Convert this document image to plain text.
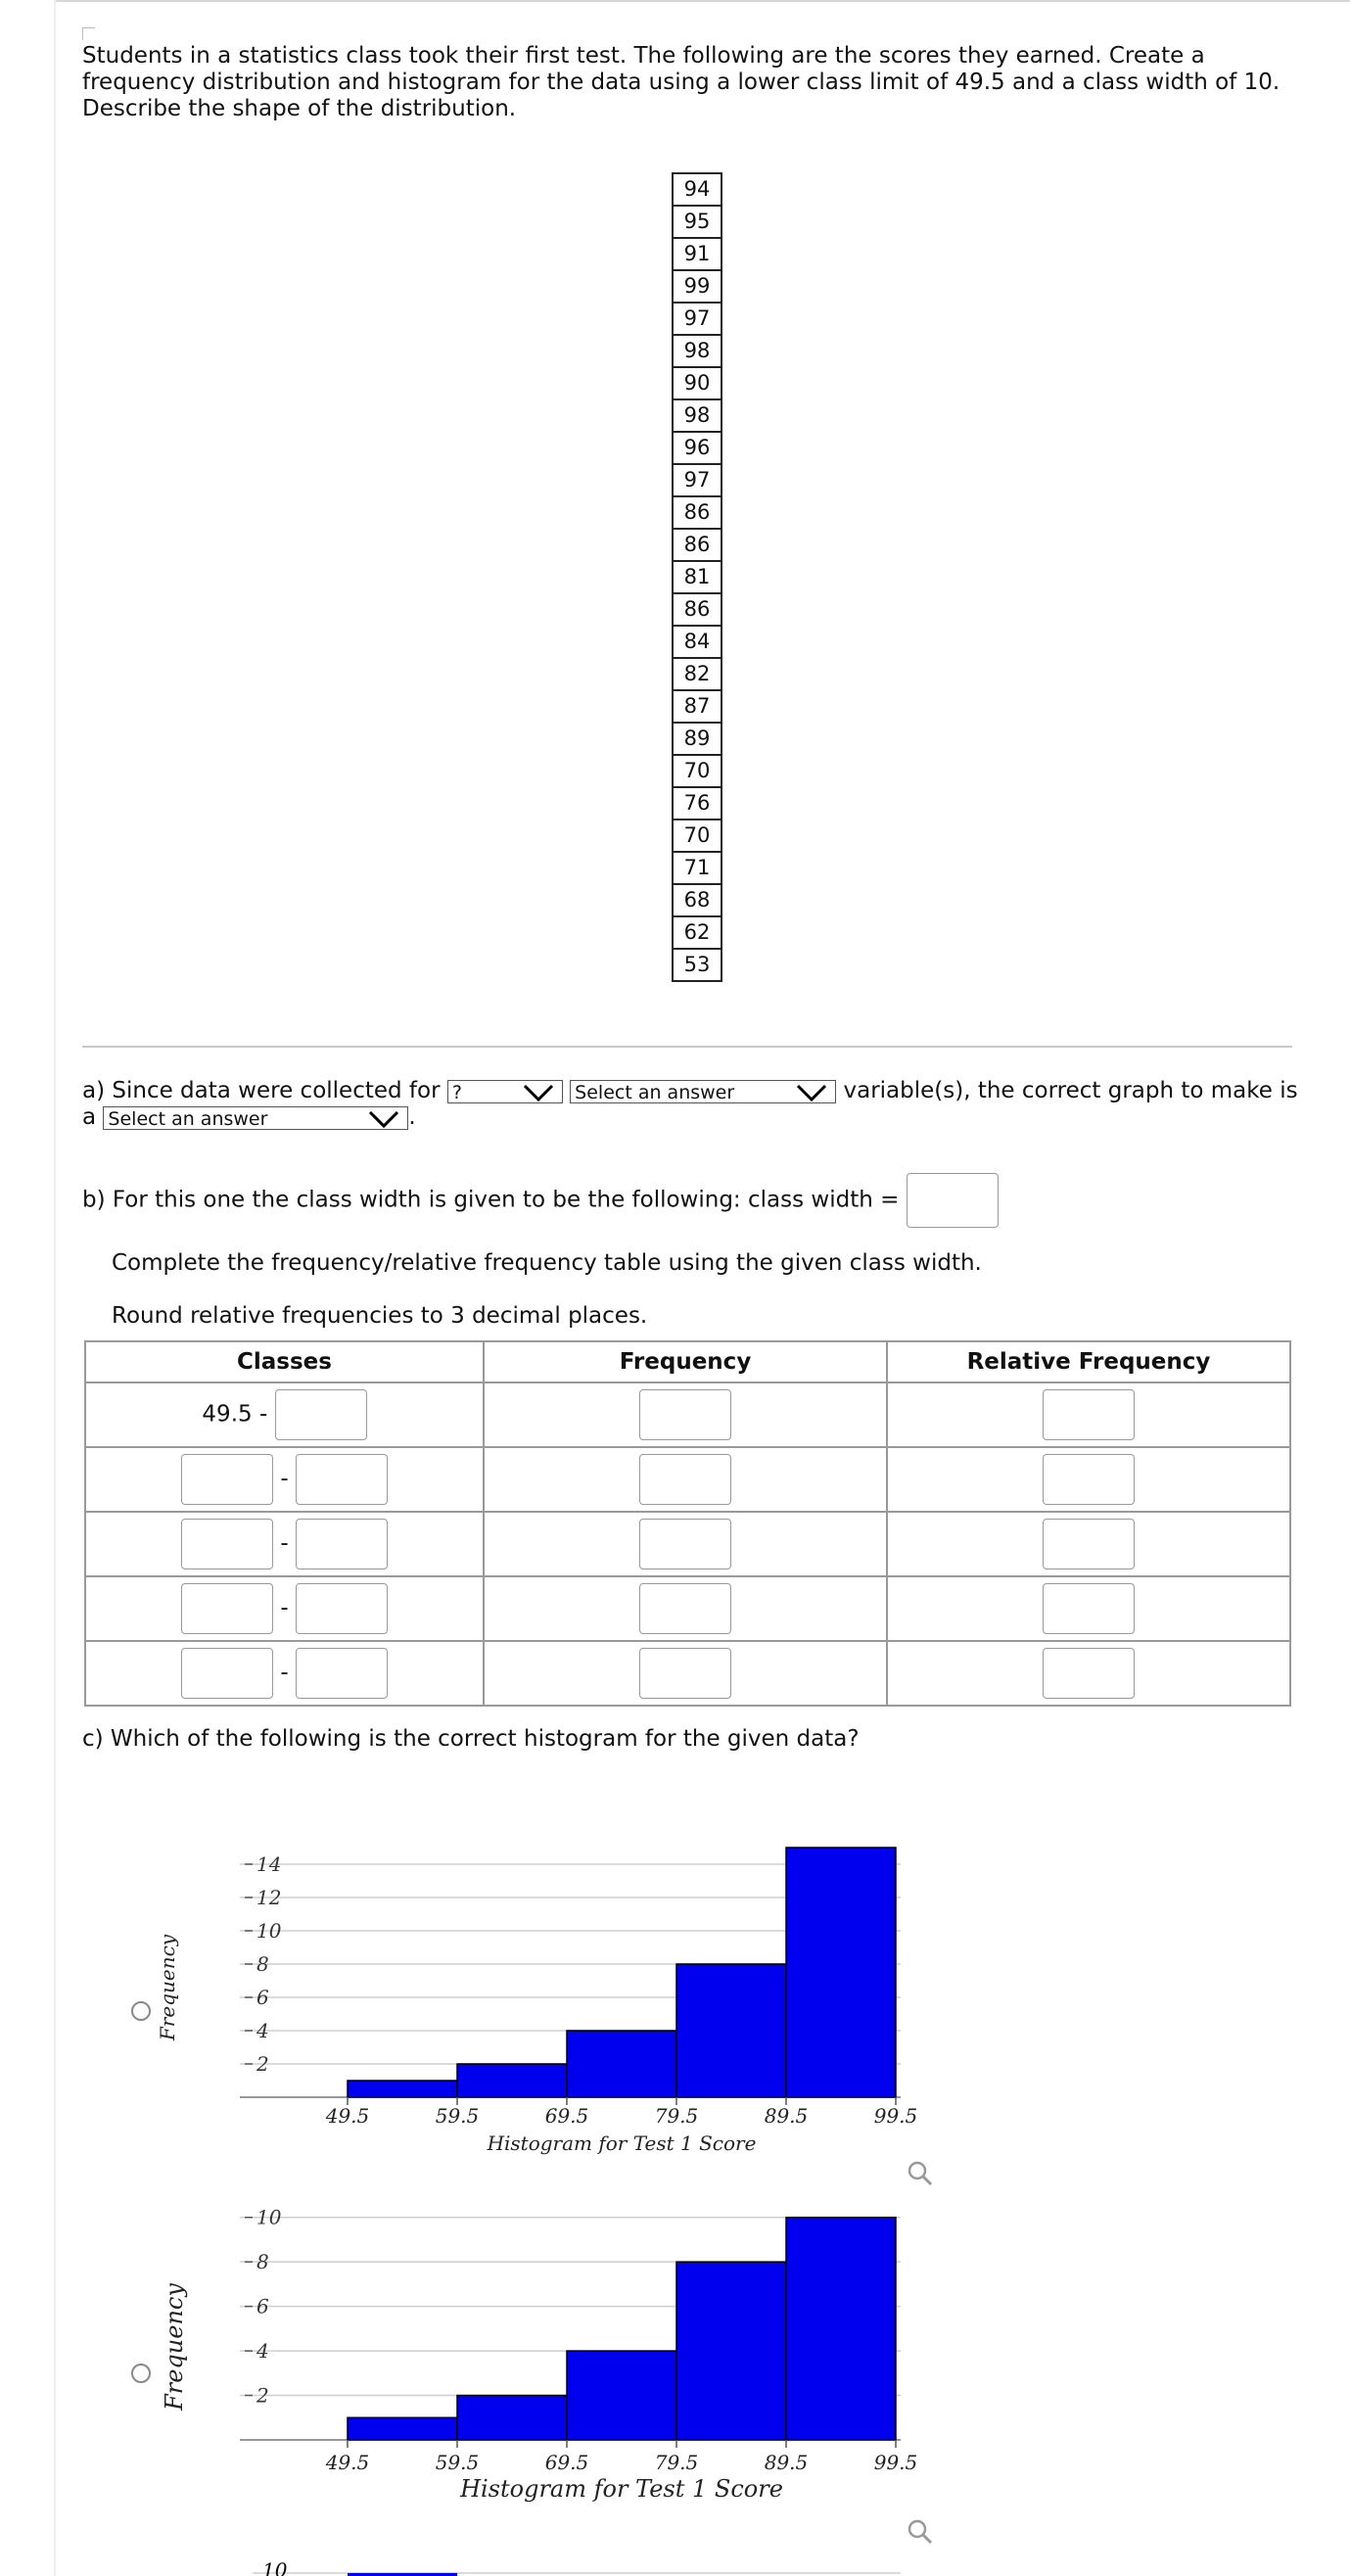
Students in a statistics class took their first test. The following are the scores they earned. Create a frequency distribution and histogram for the data using a lower class limit of 49.5 and a class width of 10. Describe the shape of the distribution.
94
95
91
99
97
98
90
98
96
97
86
86
81
86
84
82
87
89
70
76
70
71
68
62
53
a) Since data were collected for ?	Select an answer	variable(s), the correct graph to make is a Select an answer	.
b) For this one the class width is given to be the following: class width =
Complete the frequency/relative frequency table using the given class width.
Round relative frequencies to 3 decimal places.
Classes	Frequency	Relative Frequency
49.5 -		
-		
-		
-		
-		
c) Which of the following is the correct histogram for the given data?
2
4
6
8
10
12
14
49.5	59.5	69.5	79.5	89.5	99.5
Histogram for Test 1 Score
Frequency
2
4
6
8
10
49.5	59.5	69.5	79.5	89.5	99.5
Histogram for Test 1 Score
Frequency
10
